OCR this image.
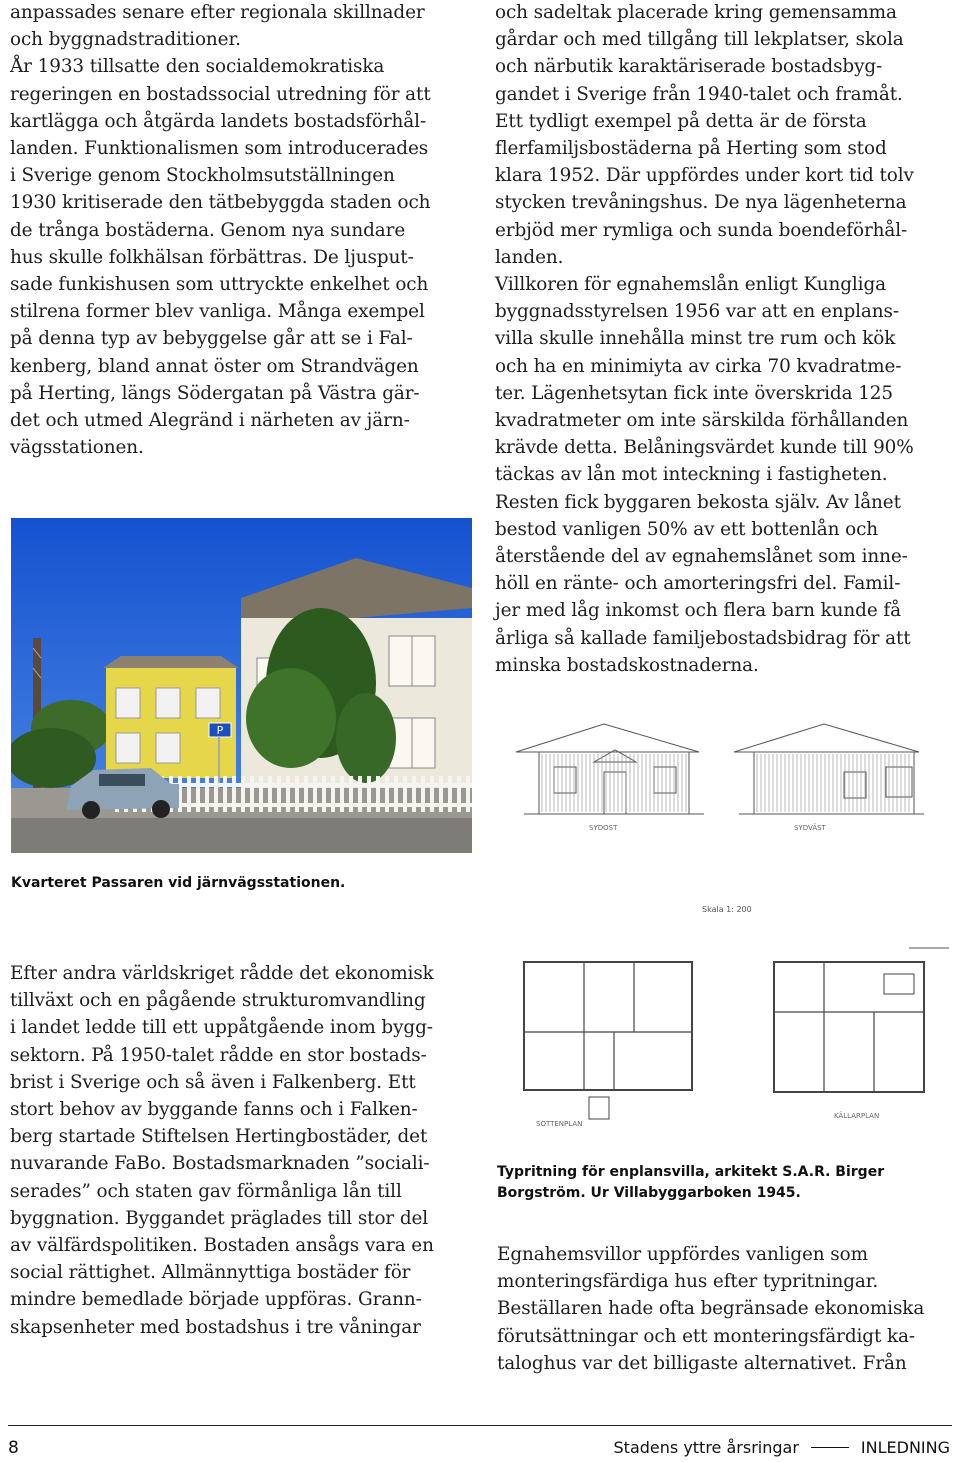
anpassades senare efter regionala skillnader
och byggnadstraditioner.
År 1933 tillsatte den socialdemokratiska
regeringen en bostadssocial utredning för att
kartlägga och åtgärda landets bostadsförhål-
landen. Funktionalismen som introducerades
i Sverige genom Stockholmsutställningen
1930 kritiserade den tätbebyggda staden och
de trånga bostäderna. Genom nya sundare
hus skulle folkhälsan förbättras. De ljusput-
sade funkishusen som uttryckte enkelhet och
stilrena former blev vanliga. Många exempel
på denna typ av bebyggelse går att se i Fal-
kenberg, bland annat öster om Strandvägen
på Herting, längs Södergatan på Västra gär-
det och utmed Alegränd i närheten av järn-
vägsstationen.

och sadeltak placerade kring gemensamma
gårdar och med tillgång till lekplatser, skola
och närbutik karaktäriserade bostadsbyg-
gandet i Sverige från 1940-talet och framåt.
Ett tydligt exempel på detta är de första
flerfamiljsbostäderna på Herting som stod
klara 1952. Där uppfördes under kort tid tolv
stycken trevåningshus. De nya lägenheterna
erbjöd mer rymliga och sunda boendeförhål-
landen.
Villkoren för egnahemslån enligt Kungliga
byggnadsstyrelsen 1956 var att en enplans-
villa skulle innehålla minst tre rum och kök
och ha en minimiyta av cirka 70 kvadratme-
ter. Lägenhetsytan fick inte överskrida 125
kvadratmeter om inte särskilda förhållanden
krävde detta. Belåningsvärdet kunde till 90%
täckas av lån mot inteckning i fastigheten.
Resten fick byggaren bekosta själv. Av lånet
bestod vanligen 50% av ett bottenlån och
återstående del av egnahemslånet som inne-
höll en ränte- och amorteringsfri del. Famil-
jer med låg inkomst och flera barn kunde få
årliga så kallade familjebostadsbidrag för att
minska bostadskostnaderna.

P

Kvarteret Passaren vid järnvägsstationen.

SYDOST	SYDVÄST
Skala 1: 200
SOTTENPLAN
KÄLLARPLAN

Typritning för enplansvilla, arkitekt S.A.R. Birger
Borgström. Ur Villabyggarboken 1945.

Efter andra världskriget rådde det ekonomisk
tillväxt och en pågående strukturomvandling
i landet ledde till ett uppåtgående inom bygg-
sektorn. På 1950-talet rådde en stor bostads-
brist i Sverige och så även i Falkenberg. Ett
stort behov av byggande fanns och i Falken-
berg startade Stiftelsen Hertingbostäder, det
nuvarande FaBo. Bostadsmarknaden ”sociali-
serades” och staten gav förmånliga lån till
byggnation. Byggandet präglades till stor del
av välfärdspolitiken. Bostaden ansågs vara en
social rättighet. Allmännyttiga bostäder för
mindre bemedlade började uppföras. Grann-
skapsenheter med bostadshus i tre våningar

Egnahemsvillor uppfördes vanligen som
monteringsfärdiga hus efter typritningar.
Beställaren hade ofta begränsade ekonomiska
förutsättningar och ett monteringsfärdigt ka-
taloghus var det billigaste alternativet. Från

8	Stadens yttre årsringar	INLEDNING
